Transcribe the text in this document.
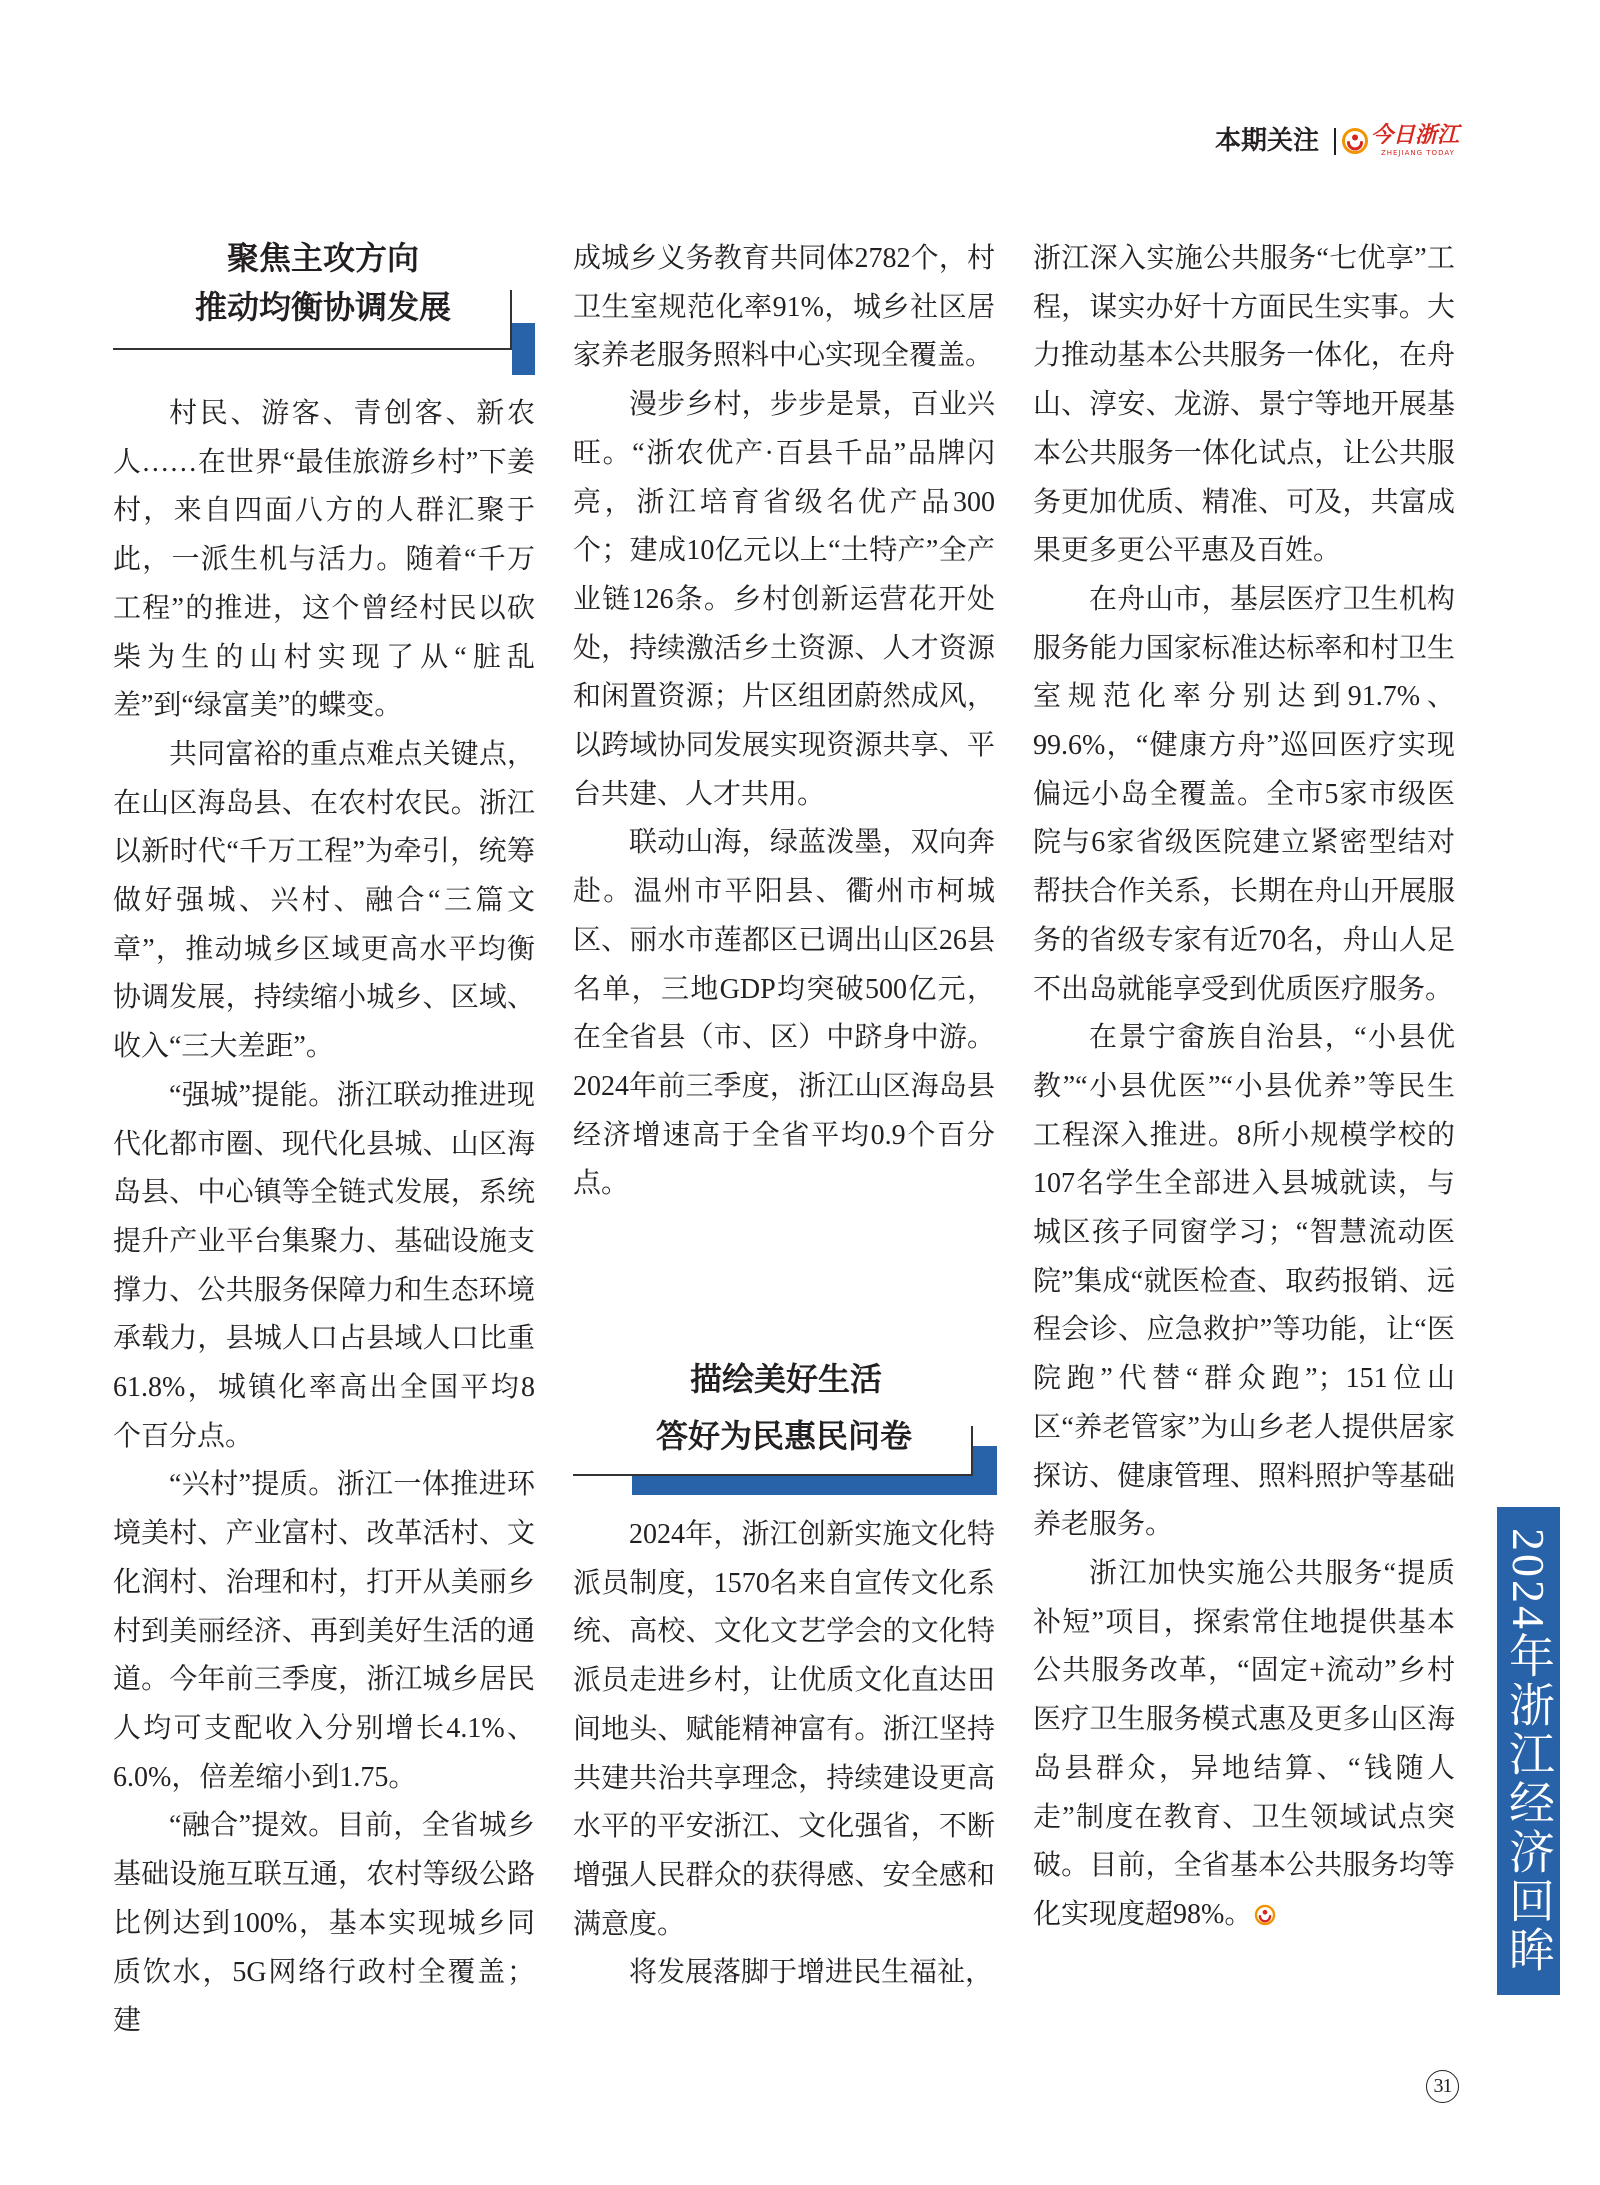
本期关注 今日浙江
ZHEJIANG TODAY
聚焦主攻方向
推动均衡协调发展

村民、游客、青创客、新农人……在世界“最佳旅游乡村”下姜村，来自四面八方的人群汇聚于此，一派生机与活力。随着“千万工程”的推进，这个曾经村民以砍柴为生的山村实现了从“脏乱差”到“绿富美”的蝶变。

共同富裕的重点难点关键点，在山区海岛县、在农村农民。浙江以新时代“千万工程”为牵引，统筹做好强城、兴村、融合“三篇文章”，推动城乡区域更高水平均衡协调发展，持续缩小城乡、区域、收入“三大差距”。

“强城”提能。浙江联动推进现代化都市圈、现代化县城、山区海岛县、中心镇等全链式发展，系统提升产业平台集聚力、基础设施支撑力、公共服务保障力和生态环境承载力，县城人口占县域人口比重61.8%，城镇化率高出全国平均8个百分点。

“兴村”提质。浙江一体推进环境美村、产业富村、改革活村、文化润村、治理和村，打开从美丽乡村到美丽经济、再到美好生活的通道。今年前三季度，浙江城乡居民人均可支配收入分别增长4.1%、6.0%，倍差缩小到1.75。

“融合”提效。目前，全省城乡基础设施互联互通，农村等级公路比例达到100%，基本实现城乡同质饮水，5G网络行政村全覆盖；建

成城乡义务教育共同体2782个，村卫生室规范化率91%，城乡社区居家养老服务照料中心实现全覆盖。

漫步乡村，步步是景，百业兴旺。“浙农优产·百县千品”品牌闪亮，浙江培育省级名优产品300个；建成10亿元以上“土特产”全产业链126条。乡村创新运营花开处处，持续激活乡土资源、人才资源和闲置资源；片区组团蔚然成风，以跨域协同发展实现资源共享、平台共建、人才共用。

联动山海，绿蓝泼墨，双向奔赴。温州市平阳县、衢州市柯城区、丽水市莲都区已调出山区26县名单，三地GDP均突破500亿元，在全省县（市、区）中跻身中游。2024年前三季度，浙江山区海岛县经济增速高于全省平均0.9个百分点。

描绘美好生活
答好为民惠民问卷

2024年，浙江创新实施文化特派员制度，1570名来自宣传文化系统、高校、文化文艺学会的文化特派员走进乡村，让优质文化直达田间地头、赋能精神富有。浙江坚持共建共治共享理念，持续建设更高水平的平安浙江、文化强省，不断增强人民群众的获得感、安全感和满意度。

将发展落脚于增进民生福祉，

浙江深入实施公共服务“七优享”工程，谋实办好十方面民生实事。大力推动基本公共服务一体化，在舟山、淳安、龙游、景宁等地开展基本公共服务一体化试点，让公共服务更加优质、精准、可及，共富成果更多更公平惠及百姓。

在舟山市，基层医疗卫生机构服务能力国家标准达标率和村卫生室规范化率分别达到91.7%、99.6%，“健康方舟”巡回医疗实现偏远小岛全覆盖。全市5家市级医院与6家省级医院建立紧密型结对帮扶合作关系，长期在舟山开展服务的省级专家有近70名，舟山人足不出岛就能享受到优质医疗服务。

在景宁畲族自治县，“小县优教”“小县优医”“小县优养”等民生工程深入推进。8所小规模学校的107名学生全部进入县城就读，与城区孩子同窗学习；“智慧流动医院”集成“就医检查、取药报销、远程会诊、应急救护”等功能，让“医院跑”代替“群众跑”；151位山区“养老管家”为山乡老人提供居家探访、健康管理、照料照护等基础养老服务。

浙江加快实施公共服务“提质补短”项目，探索常住地提供基本公共服务改革，“固定+流动”乡村医疗卫生服务模式惠及更多山区海岛县群众，异地结算、“钱随人走”制度在教育、卫生领域试点突破。目前，全省基本公共服务均等化实现度超98%。	2024年浙江经济回眸
31
